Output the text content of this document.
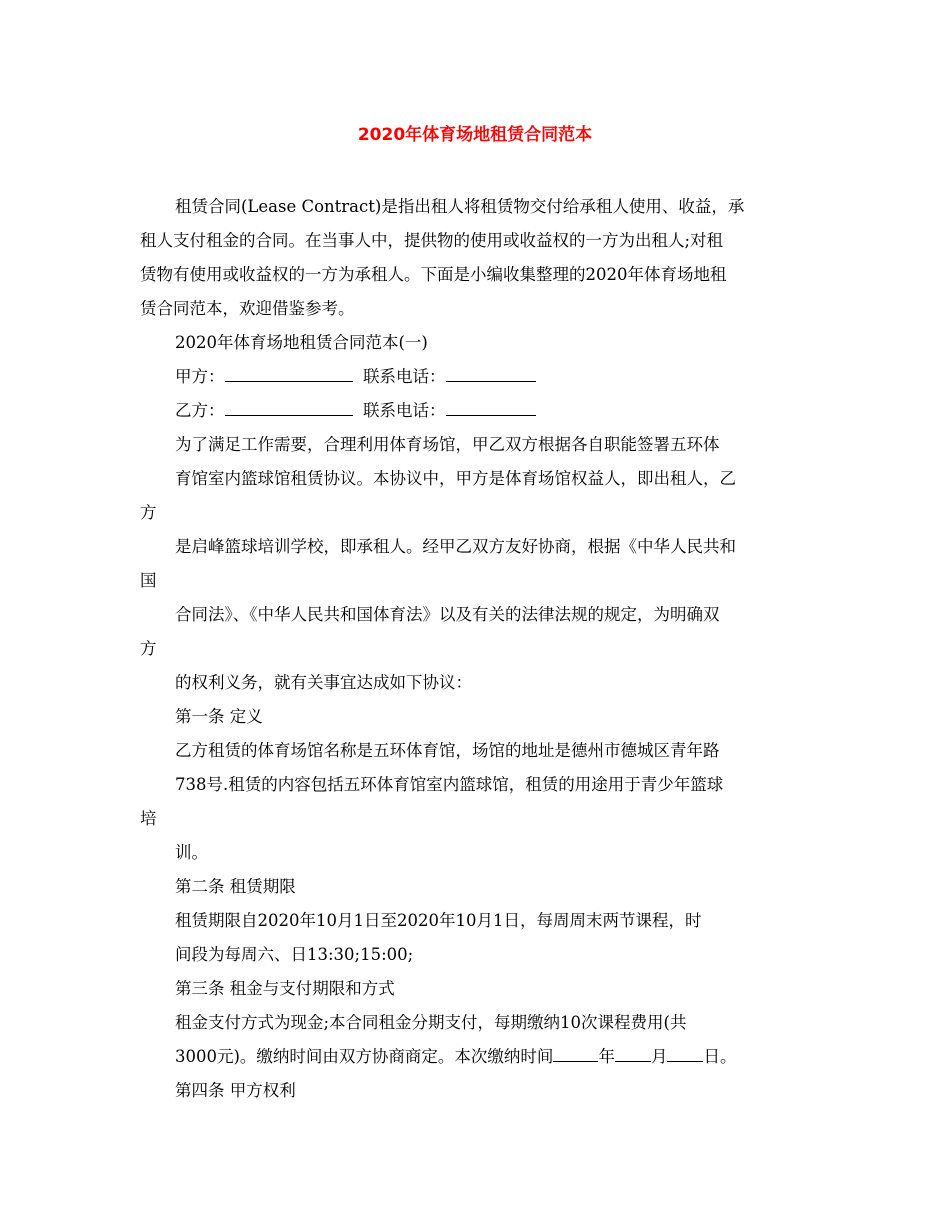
2020年体育场地租赁合同范本
租赁合同(Lease Contract)是指出租人将租赁物交付给承租人使用、收益，承
租人支付租金的合同。在当事人中，提供物的使用或收益权的一方为出租人;对租
赁物有使用或收益权的一方为承租人。下面是小编收集整理的2020年体育场地租
赁合同范本，欢迎借鉴参考。
2020年体育场地租赁合同范本(一)
甲方：	联系电话：
乙方：	联系电话：
为了满足工作需要，合理利用体育场馆，甲乙双方根据各自职能签署五环体
育馆室内篮球馆租赁协议。本协议中，甲方是体育场馆权益人，即出租人，乙
方
是启峰篮球培训学校，即承租人。经甲乙双方友好协商，根据《中华人民共和
国
合同法》、《中华人民共和国体育法》以及有关的法律法规的规定，为明确双
方
的权利义务，就有关事宜达成如下协议：
第一条 定义
乙方租赁的体育场馆名称是五环体育馆，场馆的地址是德州市德城区青年路
738号.租赁的内容包括五环体育馆室内篮球馆，租赁的用途用于青少年篮球
培
训。
第二条 租赁期限
租赁期限自2020年10月1日至2020年10月1日，每周周末两节课程，时
间段为每周六、日13:30;15:00;
第三条 租金与支付期限和方式
租金支付方式为现金;本合同租金分期支付，每期缴纳10次课程费用(共
3000元)。缴纳时间由双方协商商定。本次缴纳时间	年 月 日。
第四条 甲方权利
